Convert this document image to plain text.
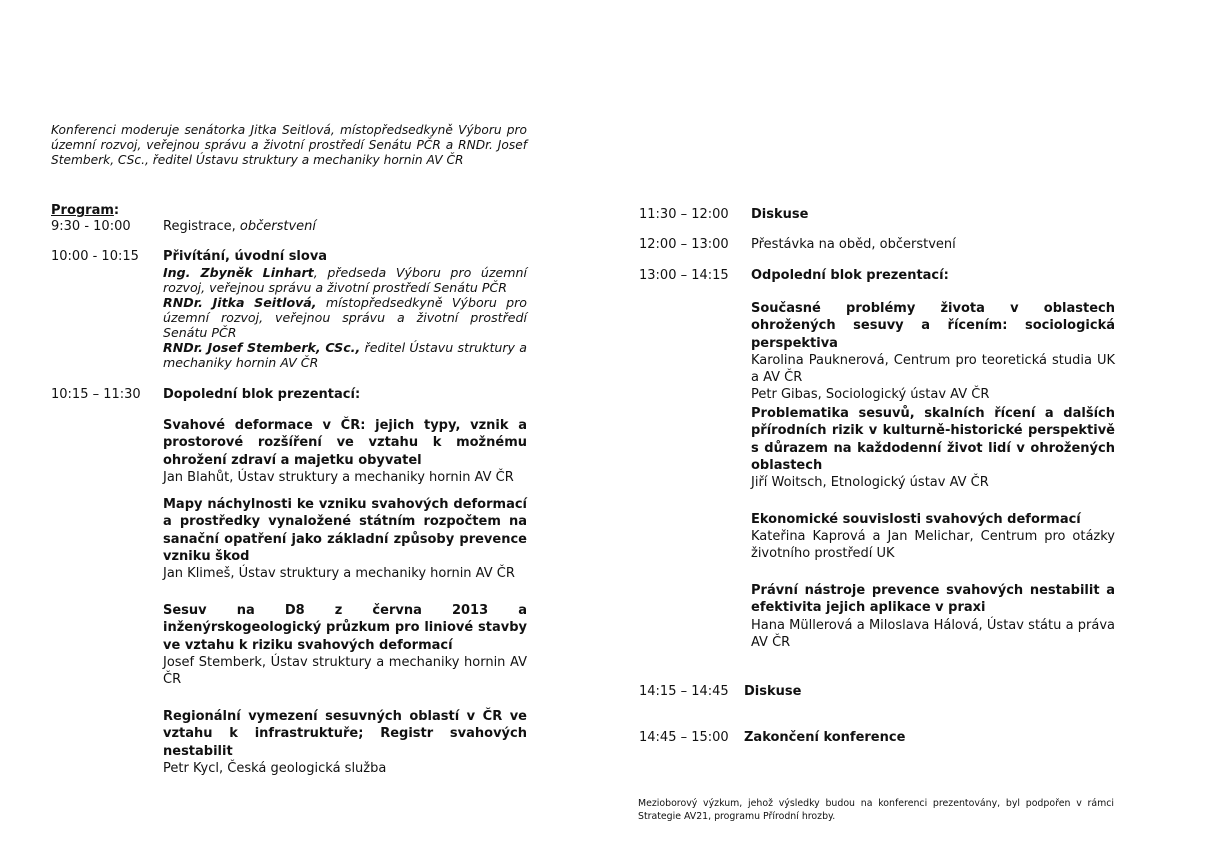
Konferenci moderuje senátorka Jitka Seitlová, místopředsedkyně Výboru pro územní rozvoj, veřejnou správu a životní prostředí Senátu PČR a RNDr. Josef Stemberk, CSc., ředitel Ústavu struktury a mechaniky hornin AV ČR
Program:
9:30 - 10:00 Registrace, občerstvení
10:00 - 10:15 Přivítání, úvodní slova
Ing. Zbyněk Linhart, předseda Výboru pro územní rozvoj, veřejnou správu a životní prostředí Senátu PČR
RNDr. Jitka Seitlová, místopředsedkyně Výboru pro územní rozvoj, veřejnou správu a životní prostředí Senátu PČR
RNDr. Josef Stemberk, CSc., ředitel Ústavu struktury a mechaniky hornin AV ČR
10:15 – 11:30 Dopolední blok prezentací:
Svahové deformace v ČR: jejich typy, vznik a prostorové rozšíření ve vztahu k možnému ohrožení zdraví a majetku obyvatel
Jan Blahůt, Ústav struktury a mechaniky hornin AV ČR
Mapy náchylnosti ke vzniku svahových deformací a prostředky vynaložené státním rozpočtem na sanační opatření jako základní způsoby prevence vzniku škod
Jan Klimeš, Ústav struktury a mechaniky hornin AV ČR
Sesuv na D8 z června 2013 a inženýrskogeologický průzkum pro liniové stavby ve vztahu k riziku svahových deformací
Josef Stemberk, Ústav struktury a mechaniky hornin AV ČR
Regionální vymezení sesuvných oblastí v ČR ve vztahu k infrastruktuře; Registr svahových nestabilit
Petr Kycl, Česká geologická služba
11:30 – 12:00 Diskuse
12:00 – 13:00 Přestávka na oběd, občerstvení
13:00 – 14:15 Odpolední blok prezentací:
Současné problémy života v oblastech ohrožených sesuvy a řícením: sociologická perspektiva
Karolina Pauknerová, Centrum pro teoretická studia UK a AV ČR
Petr Gibas, Sociologický ústav AV ČR
Problematika sesuvů, skalních řícení a dalších přírodních rizik v kulturně-historické perspektivě s důrazem na každodenní život lidí v ohrožených oblastech
Jiří Woitsch, Etnologický ústav AV ČR
Ekonomické souvislosti svahových deformací
Kateřina Kaprová a Jan Melichar, Centrum pro otázky životního prostředí UK
Právní nástroje prevence svahových nestabilit a efektivita jejich aplikace v praxi
Hana Müllerová a Miloslava Hálová, Ústav státu a práva AV ČR
14:15 – 14:45 Diskuse
14:45 – 15:00 Zakončení konference
Mezioborový výzkum, jehož výsledky budou na konferenci prezentovány, byl podpořen v rámci Strategie AV21, programu Přírodní hrozby.
